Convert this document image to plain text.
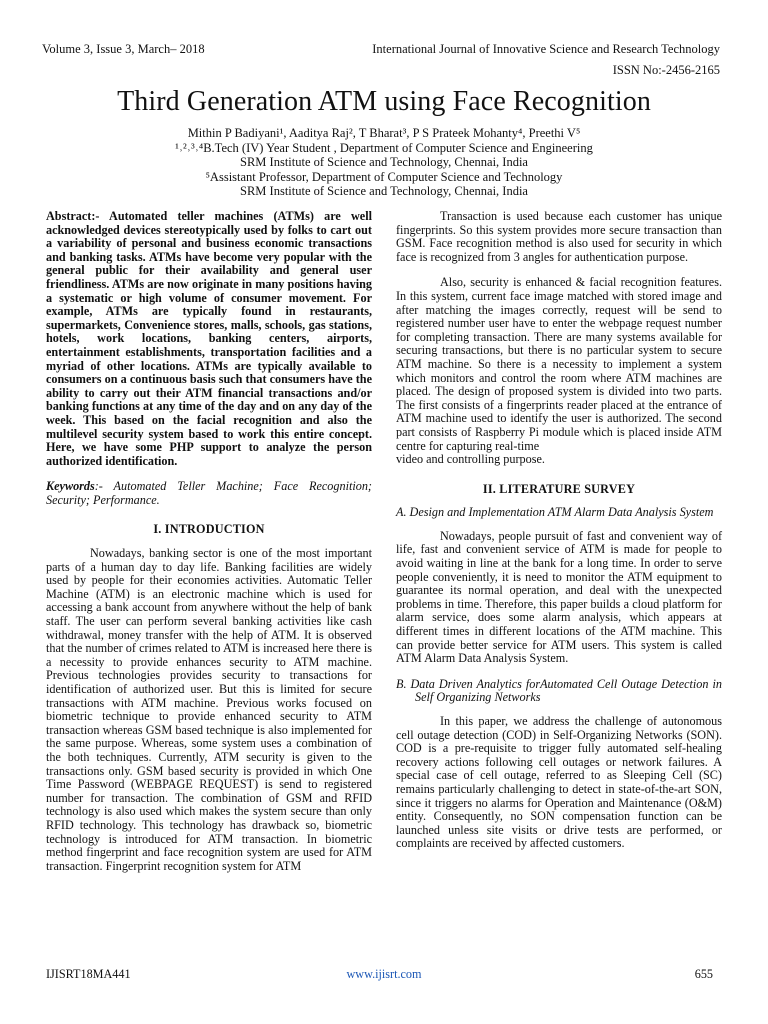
Volume 3, Issue 3, March– 2018	International Journal of Innovative Science and Research Technology
ISSN No:-2456-2165
Third Generation ATM using Face Recognition
Mithin P Badiyani¹, Aaditya Raj², T Bharat³, P S Prateek Mohanty⁴, Preethi V⁵
¹˒²˒³˒⁴B.Tech (IV) Year Student , Department of Computer Science and Engineering
SRM Institute of Science and Technology, Chennai, India
⁵Assistant Professor, Department of Computer Science and Technology
SRM Institute of Science and Technology, Chennai, India

Abstract:- Automated teller machines (ATMs) are well acknowledged devices stereotypically used by folks to cart out a variability of personal and business economic transactions and banking tasks. ATMs have become very popular with the general public for their availability and general user friendliness. ATMs are now originate in many positions having a systematic or high volume of consumer movement. For example, ATMs are typically found in restaurants, supermarkets, Convenience stores, malls, schools, gas stations, hotels, work locations, banking centers, airports, entertainment establishments, transportation facilities and a myriad of other locations. ATMs are typically available to consumers on a continuous basis such that consumers have the ability to carry out their ATM financial transactions and/or banking functions at any time of the day and on any day of the week. This based on the facial recognition and also the multilevel security system based to work this entire concept. Here, we have some PHP support to analyze the person authorized identification.

Keywords:- Automated Teller Machine; Face Recognition; Security; Performance.

I. INTRODUCTION

Nowadays, banking sector is one of the most important parts of a human day to day life. Banking facilities are widely used by people for their economies activities. Automatic Teller Machine (ATM) is an electronic machine which is used for accessing a bank account from anywhere without the help of bank staff. The user can perform several banking activities like cash withdrawal, money transfer with the help of ATM. It is observed that the number of crimes related to ATM is increased here there is a necessity to provide enhances security to ATM machine. Previous technologies provides security to transactions for identification of authorized user. But this is limited for secure transactions with ATM machine. Previous works focused on biometric technique to provide enhanced security to ATM transaction whereas GSM based technique is also implemented for the same purpose. Whereas, some system uses a combination of the both techniques. Currently, ATM security is given to the transactions only. GSM based security is provided in which One Time Password (WEBPAGE REQUEST) is send to registered number for transaction. The combination of GSM and RFID technology is also used which makes the system secure than only RFID technology. This technology has drawback so, biometric technology is introduced for ATM transaction. In biometric method fingerprint and face recognition system are used for ATM transaction. Fingerprint recognition system for ATM

Transaction is used because each customer has unique fingerprints. So this system provides more secure transaction than GSM. Face recognition method is also used for security in which face is recognized from 3 angles for authentication purpose.

Also, security is enhanced & facial recognition features. In this system, current face image matched with stored image and after matching the images correctly, request will be send to registered number user have to enter the webpage request number for completing transaction. There are many systems available for securing transactions, but there is no particular system to secure ATM machine. So there is a necessity to implement a system which monitors and control the room where ATM machines are placed. The design of proposed system is divided into two parts. The first consists of a fingerprints reader placed at the entrance of ATM machine used to identify the user is authorized. The second part consists of Raspberry Pi module which is placed inside ATM centre for capturing real-time

video and controlling purpose.

II. LITERATURE SURVEY
A. Design and Implementation ATM Alarm Data Analysis System

Nowadays, people pursuit of fast and convenient way of life, fast and convenient service of ATM is made for people to avoid waiting in line at the bank for a long time. In order to serve people conveniently, it is need to monitor the ATM equipment to guarantee its normal operation, and deal with the unexpected problems in time. Therefore, this paper builds a cloud platform for alarm service, does some alarm analysis, which appears at different times in different locations of the ATM machine. This can provide better service for ATM users. This system is called ATM Alarm Data Analysis System.

B. Data Driven Analytics forAutomated Cell Outage Detection in Self Organizing Networks

In this paper, we address the challenge of autonomous cell outage detection (COD) in Self-Organizing Networks (SON). COD is a pre-requisite to trigger fully automated self-healing recovery actions following cell outages or network failures. A special case of cell outage, referred to as Sleeping Cell (SC) remains particularly challenging to detect in state-of-the-art SON, since it triggers no alarms for Operation and Maintenance (O&M) entity. Consequently, no SON compensation function can be launched unless site visits or drive tests are performed, or complaints are received by affected customers.

IJISRT18MA441	www.ijisrt.com	655
